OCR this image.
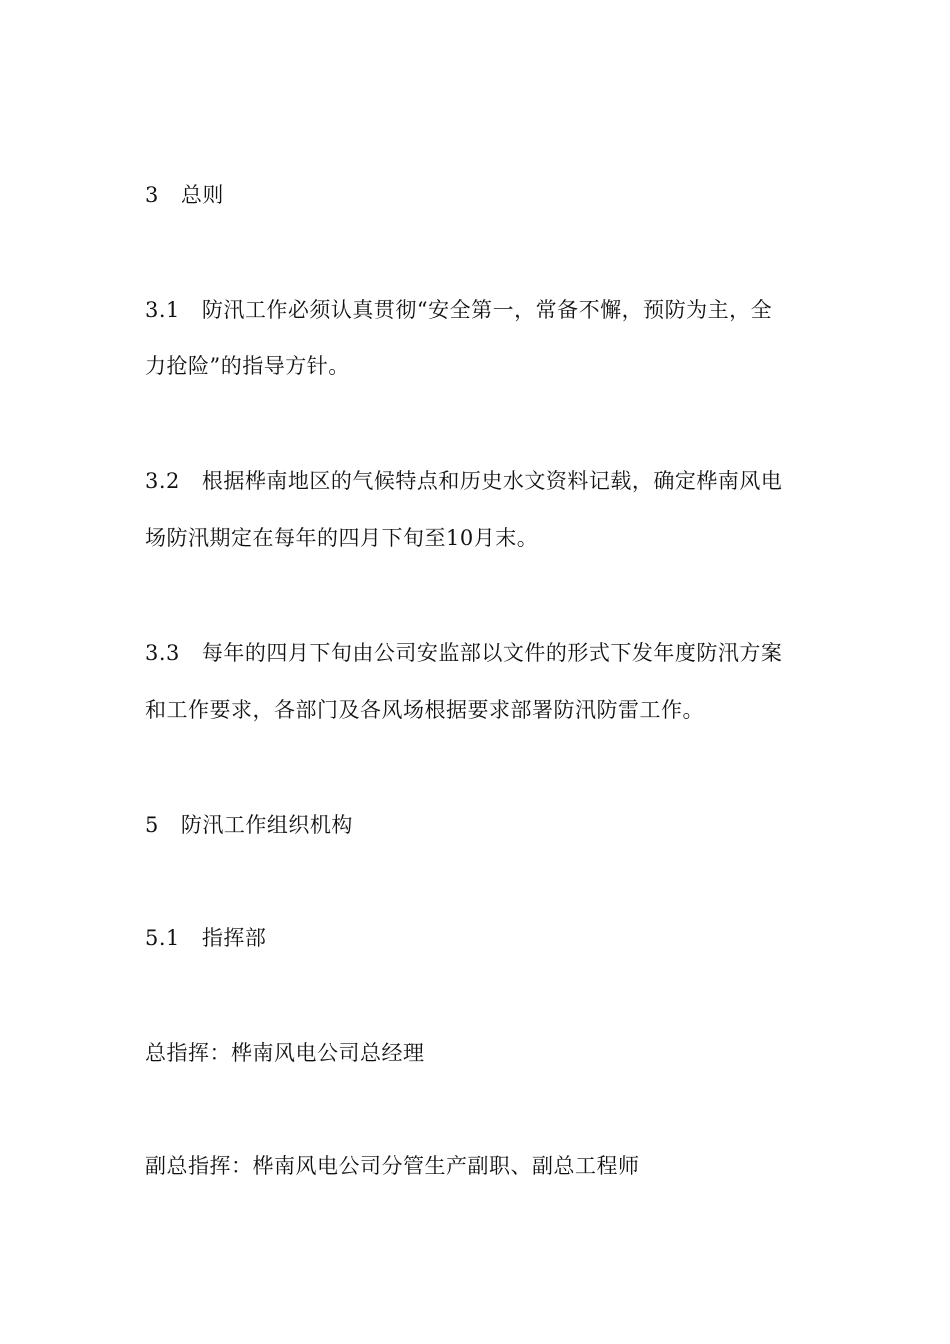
3 总则
3.1 防汛工作必须认真贯彻“安全第一，常备不懈，预防为主，全
力抢险”的指导方针。
3.2 根据桦南地区的气候特点和历史水文资料记载，确定桦南风电
场防汛期定在每年的四月下旬至10月末。
3.3 每年的四月下旬由公司安监部以文件的形式下发年度防汛方案
和工作要求，各部门及各风场根据要求部署防汛防雷工作。
5 防汛工作组织机构
5.1 指挥部
总指挥：桦南风电公司总经理
副总指挥：桦南风电公司分管生产副职、副总工程师
